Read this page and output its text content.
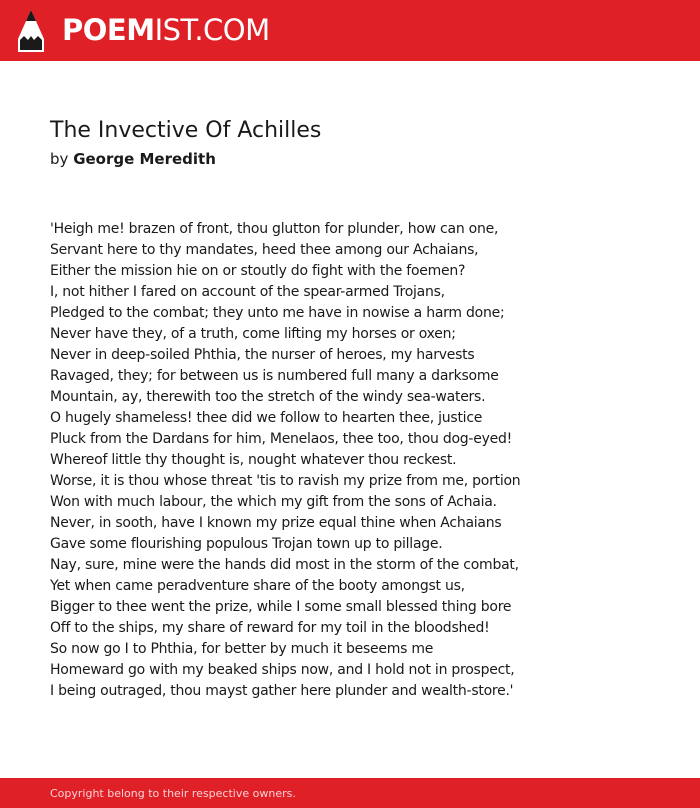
POEMIST.COM
The Invective Of Achilles
by George Meredith
'Heigh me! brazen of front, thou glutton for plunder, how can one,
Servant here to thy mandates, heed thee among our Achaians,
Either the mission hie on or stoutly do fight with the foemen?
I, not hither I fared on account of the spear-armed Trojans,
Pledged to the combat; they unto me have in nowise a harm done;
Never have they, of a truth, come lifting my horses or oxen;
Never in deep-soiled Phthia, the nurser of heroes, my harvests
Ravaged, they; for between us is numbered full many a darksome
Mountain, ay, therewith too the stretch of the windy sea-waters.
O hugely shameless! thee did we follow to hearten thee, justice
Pluck from the Dardans for him, Menelaos, thee too, thou dog-eyed!
Whereof little thy thought is, nought whatever thou reckest.
Worse, it is thou whose threat 'tis to ravish my prize from me, portion
Won with much labour, the which my gift from the sons of Achaia.
Never, in sooth, have I known my prize equal thine when Achaians
Gave some flourishing populous Trojan town up to pillage.
Nay, sure, mine were the hands did most in the storm of the combat,
Yet when came peradventure share of the booty amongst us,
Bigger to thee went the prize, while I some small blessed thing bore
Off to the ships, my share of reward for my toil in the bloodshed!
So now go I to Phthia, for better by much it beseems me
Homeward go with my beaked ships now, and I hold not in prospect,
I being outraged, thou mayst gather here plunder and wealth-store.'
Copyright belong to their respective owners.
